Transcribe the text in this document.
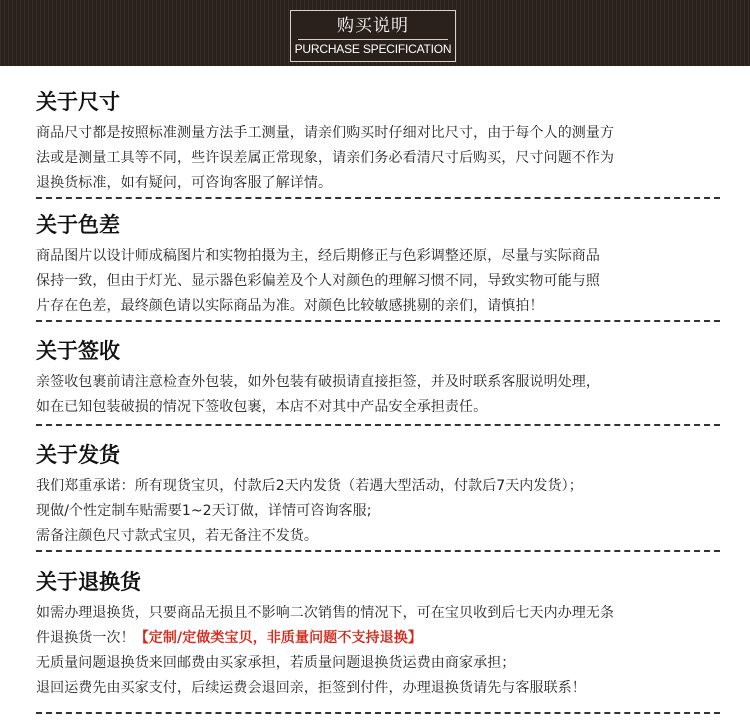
购买说明
PURCHASE SPECIFICATION
关于尺寸
商品尺寸都是按照标准测量方法手工测量，请亲们购买时仔细对比尺寸，由于每个人的测量方
法或是测量工具等不同，些许误差属正常现象，请亲们务必看清尺寸后购买，尺寸问题不作为
退换货标准，如有疑问，可咨询客服了解详情。
关于色差
商品图片以设计师成稿图片和实物拍摄为主，经后期修正与色彩调整还原，尽量与实际商品
保持一致，但由于灯光、显示器色彩偏差及个人对颜色的理解习惯不同，导致实物可能与照
片存在色差，最终颜色请以实际商品为准。对颜色比较敏感挑剔的亲们，请慎拍！
关于签收
亲签收包裹前请注意检查外包装，如外包装有破损请直接拒签，并及时联系客服说明处理，
如在已知包装破损的情况下签收包裹，本店不对其中产品安全承担责任。
关于发货
我们郑重承诺：所有现货宝贝，付款后2天内发货（若遇大型活动，付款后7天内发货）；
现做/个性定制车贴需要1~2天订做，详情可咨询客服;
需备注颜色尺寸款式宝贝，若无备注不发货。
关于退换货
如需办理退换货，只要商品无损且不影响二次销售的情况下，可在宝贝收到后七天内办理无条
件退换货一次！【定制/定做类宝贝，非质量问题不支持退换】
无质量问题退换货来回邮费由买家承担，若质量问题退换货运费由商家承担；
退回运费先由买家支付，后续运费会退回亲，拒签到付件，办理退换货请先与客服联系！
